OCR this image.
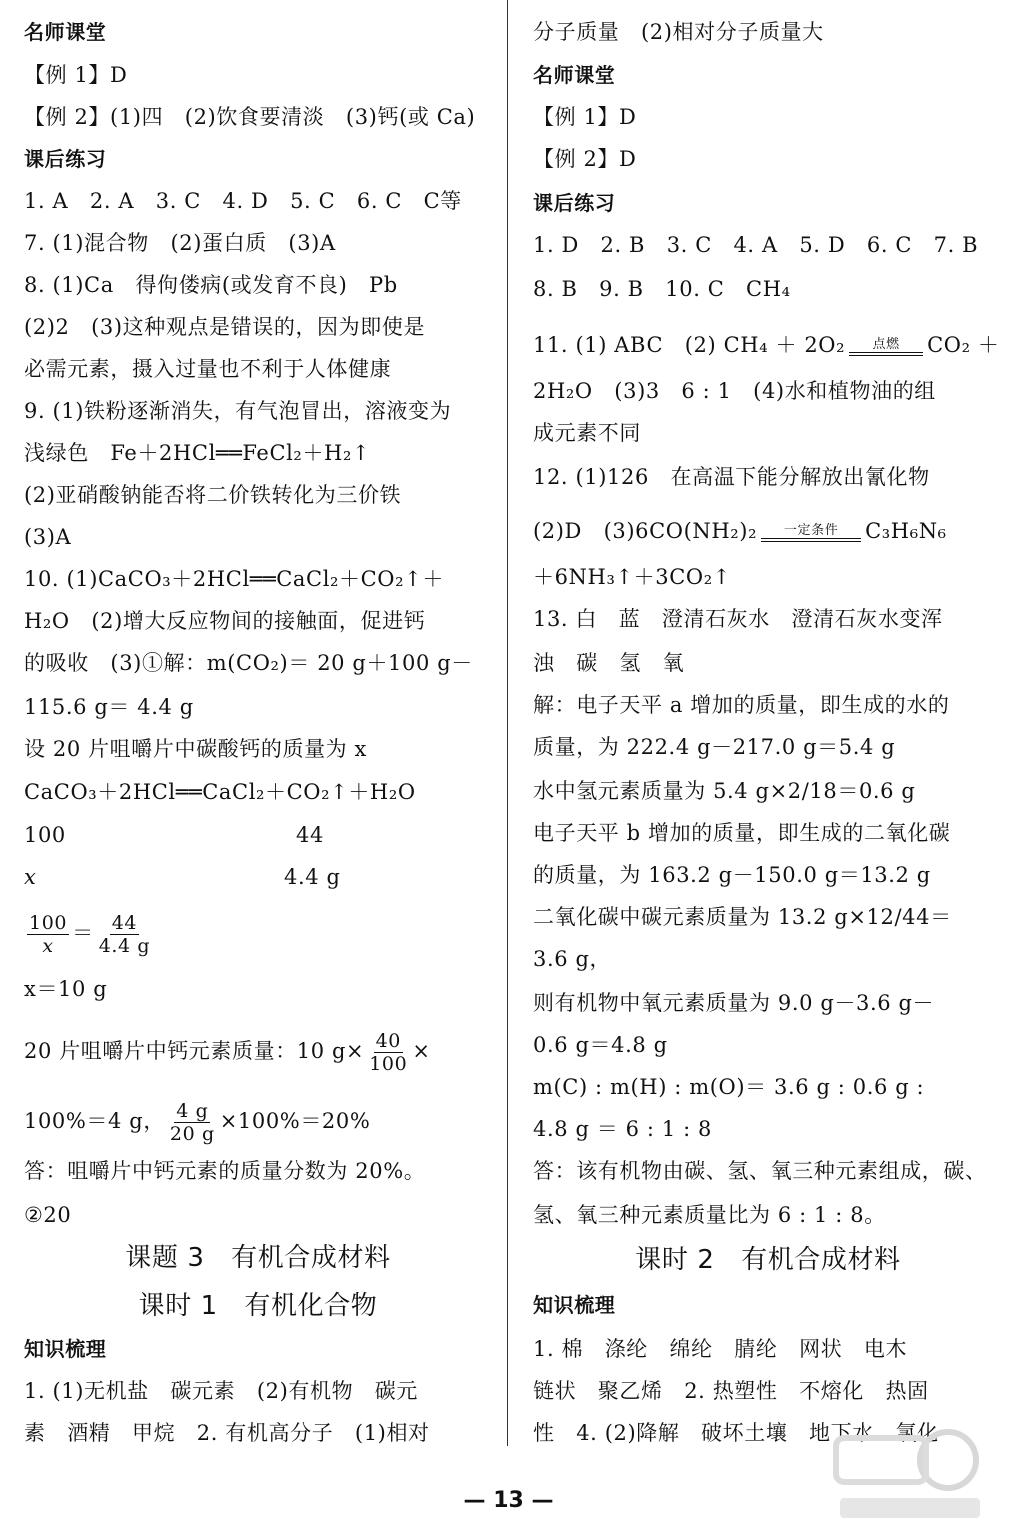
名师课堂
【例 1】D
【例 2】(1)四　(2)饮食要清淡　(3)钙(或 Ca)
课后练习
1. A　2. A　3. C　4. D　5. C　6. C　C等
7. (1)混合物　(2)蛋白质　(3)A
8. (1)Ca　得佝偻病(或发育不良)　Pb
(2)2　(3)这种观点是错误的，因为即使是
必需元素，摄入过量也不利于人体健康
9. (1)铁粉逐渐消失，有气泡冒出，溶液变为
浅绿色　Fe＋2HCl══FeCl₂＋H₂↑
(2)亚硝酸钠能否将二价铁转化为三价铁
(3)A
10. (1)CaCO₃＋2HCl══CaCl₂＋CO₂↑＋
H₂O　(2)增大反应物间的接触面，促进钙
的吸收　(3)①解：m(CO₂)＝ 20 g＋100 g－
115.6 g＝ 4.4 g
设 20 片咀嚼片中碳酸钙的质量为 x
CaCO₃＋2HCl══CaCl₂＋CO₂↑＋H₂O
100	44
x	4.4 g
$\frac{100}{x} = \frac{44}{4.4 g}$
x＝10 g
20 片咀嚼片中钙元素质量：10 $g\times \frac{40}{100}$ ×
100%＝4 g， $\frac{4 g}{20 g} \times 100\%=20\%$
答：咀嚼片中钙元素的质量分数为 20%。
②20
课题 3　有机合成材料
课时 1　有机化合物
知识梳理
1. (1)无机盐　碳元素　(2)有机物　碳元
素　酒精　甲烷　2. 有机高分子　(1)相对
分子质量　(2)相对分子质量大
名师课堂
【例 1】D
【例 2】D
课后练习
1. D　2. B　3. C　4. A　5. D　6. C　7. B
8. B　9. B　10. C　CH₄
11. (1) ABC　(2) CH₄ ＋ 2O₂ 点燃 CO₂ ＋
2H₂O　(3)3　6 : 1　(4)水和植物油的组
成元素不同
12. (1)126　在高温下能分解放出氰化物
(2)D　(3)6CO(NH₂)₂ 一定条件 C₃H₆N₆
＋6NH₃↑＋3CO₂↑
13. 白　蓝　澄清石灰水　澄清石灰水变浑
浊　碳　氢　氧
解：电子天平 a 增加的质量，即生成的水的
质量，为 222.4 g－217.0 g＝5.4 g
水中氢元素质量为 5.4 g×2/18＝0.6 g
电子天平 b 增加的质量，即生成的二氧化碳
的质量，为 163.2 g－150.0 g＝13.2 g
二氧化碳中碳元素质量为 13.2 g×12/44＝
3.6 g，
则有机物中氧元素质量为 9.0 g－3.6 g－
0.6 g＝4.8 g
m(C) : m(H) : m(O)＝ 3.6 g : 0.6 g :
4.8 g ＝ 6 : 1 : 8
答：该有机物由碳、氢、氧三种元素组成，碳、
氢、氧三种元素质量比为 6 : 1 : 8。
课时 2　有机合成材料
知识梳理
1. 棉　涤纶　绵纶　腈纶　网状　电木
链状　聚乙烯　2. 热塑性　不熔化　热固
性　4. (2)降解　破坏土壤　地下水　氯化
— 13 —
